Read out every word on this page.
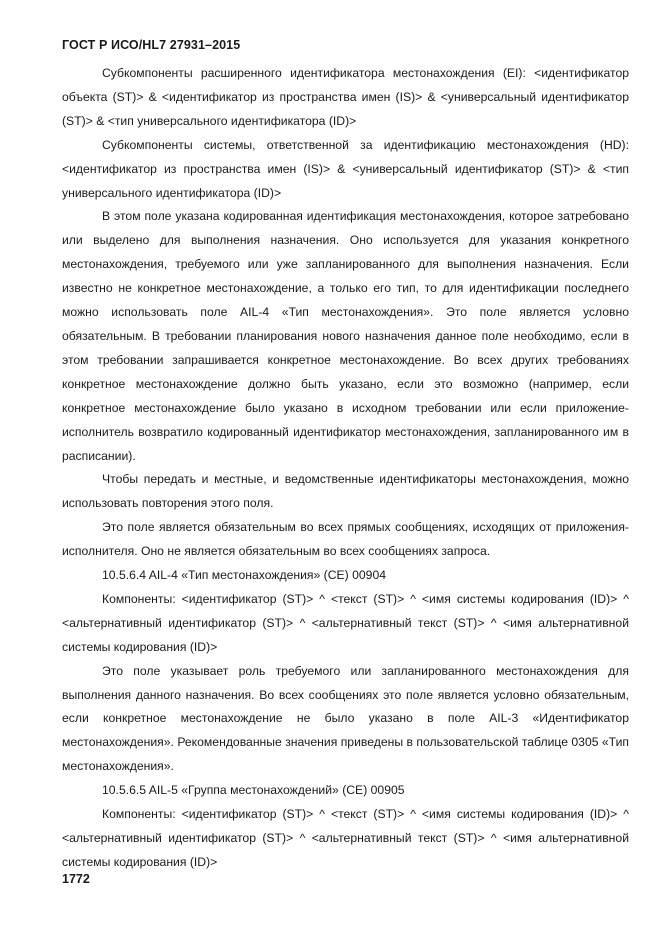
ГОСТ Р ИСО/HL7 27931–2015

Субкомпоненты расширенного идентификатора местонахождения (EI): <идентификатор объекта (ST)> & <идентификатор из пространства имен (IS)> & <универсальный идентификатор (ST)> & <тип универсального идентификатора (ID)>

Субкомпоненты системы, ответственной за идентификацию местонахождения (HD): <идентификатор из пространства имен (IS)> & <универсальный идентификатор (ST)> & <тип универсального идентификатора (ID)>

В этом поле указана кодированная идентификация местонахождения, которое затребовано или выделено для выполнения назначения. Оно используется для указания конкретного местонахождения, требуемого или уже запланированного для выполнения назначения. Если известно не конкретное местонахождение, а только его тип, то для идентификации последнего можно использовать поле AIL-4 «Тип местонахождения». Это поле является условно обязательным. В требовании планирования нового назначения данное поле необходимо, если в этом требовании запрашивается конкретное местонахождение. Во всех других требованиях конкретное местонахождение должно быть указано, если это возможно (например, если конкретное местонахождение было указано в исходном требовании или если приложение-исполнитель возвратило кодированный идентификатор местонахождения, запланированного им в расписании).

Чтобы передать и местные, и ведомственные идентификаторы местонахождения, можно использовать повторения этого поля.

Это поле является обязательным во всех прямых сообщениях, исходящих от приложения-исполнителя. Оно не является обязательным во всех сообщениях запроса.

10.5.6.4 AIL-4 «Тип местонахождения» (CE) 00904

Компоненты: <идентификатор (ST)> ^ <текст (ST)> ^ <имя системы кодирования (ID)> ^ <альтернативный идентификатор (ST)> ^ <альтернативный текст (ST)> ^ <имя альтернативной системы кодирования (ID)>

Это поле указывает роль требуемого или запланированного местонахождения для выполнения данного назначения. Во всех сообщениях это поле является условно обязательным, если конкретное местонахождение не было указано в поле AIL-3 «Идентификатор местонахождения». Рекомендованные значения приведены в пользовательской таблице 0305 «Тип местонахождения».

10.5.6.5 AIL-5 «Группа местонахождений» (CE) 00905

Компоненты: <идентификатор (ST)> ^ <текст (ST)> ^ <имя системы кодирования (ID)> ^ <альтернативный идентификатор (ST)> ^ <альтернативный текст (ST)> ^ <имя альтернативной системы кодирования (ID)>

1772
